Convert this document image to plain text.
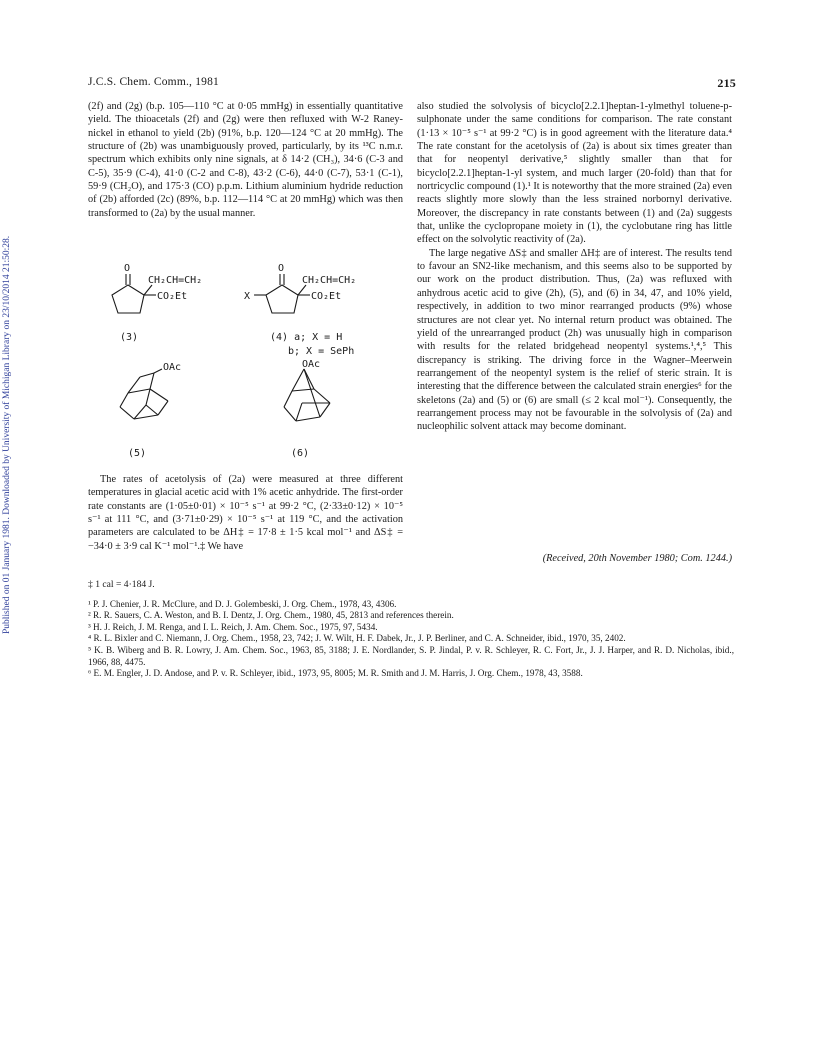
Published on 01 January 1981. Downloaded by University of Michigan Library on 23/10/2014 21:50:28.
J.C.S. Chem. Comm., 1981	215

(2f) and (2g) (b.p. 105—110 °C at 0·05 mmHg) in essentially quantitative yield. The thioacetals (2f) and (2g) were then refluxed with W-2 Raney-nickel in ethanol to yield (2b) (91%, b.p. 120—124 °C at 20 mmHg). The structure of (2b) was unambiguously proved, particularly, by its ¹³C n.m.r. spectrum which exhibits only nine signals, at δ 14·2 (CH₃), 34·6 (C-3 and C-5), 35·9 (C-4), 41·0 (C-2 and C-8), 43·2 (C-6), 44·0 (C-7), 53·1 (C-1), 59·9 (CH₂O), and 175·3 (CO) p.p.m. Lithium aluminium hydride reduction of (2b) afforded (2c) (89%, b.p. 112—114 °C at 20 mmHg) which was then transformed to (2a) by the usual manner.

O
CH₂CH=CH₂
CO₂Et
(3)
O
CH₂CH=CH₂
CO₂Et
X
(4) a; X = H
b; X = SePh
OAc
(5)
OAc
(6)

The rates of acetolysis of (2a) were measured at three different temperatures in glacial acetic acid with 1% acetic anhydride. The first-order rate constants are (1·05±0·01) × 10⁻⁵ s⁻¹ at 99·2 °C, (2·33±0·12) × 10⁻⁵ s⁻¹ at 111 °C, and (3·71±0·29) × 10⁻⁵ s⁻¹ at 119 °C, and the activation parameters are calculated to be ΔH‡ = 17·8 ± 1·5 kcal mol⁻¹ and ΔS‡ = −34·0 ± 3·9 cal K⁻¹ mol⁻¹.‡ We have

also studied the solvolysis of bicyclo[2.2.1]heptan-1-ylmethyl toluene-p-sulphonate under the same conditions for comparison. The rate constant (1·13 × 10⁻⁵ s⁻¹ at 99·2 °C) is in good agreement with the literature data.⁴ The rate constant for the acetolysis of (2a) is about six times greater than that for neopentyl derivative,⁵ slightly smaller than that for bicyclo[2.2.1]heptan-1-yl system, and much larger (20-fold) than that for nortricyclic compound (1).¹ It is noteworthy that the more strained (2a) even reacts slightly more slowly than the less strained norbornyl derivative. Moreover, the discrepancy in rate constants between (1) and (2a) suggests that, unlike the cyclopropane moiety in (1), the cyclobutane ring has little effect on the solvolytic reactivity of (2a).

The large negative ΔS‡ and smaller ΔH‡ are of interest. The results tend to favour an SN2-like mechanism, and this seems also to be supported by our work on the product distribution. Thus, (2a) was refluxed with anhydrous acetic acid to give (2h), (5), and (6) in 34, 47, and 10% yield, respectively, in addition to two minor rearranged products (9%) whose structures are not clear yet. No internal return product was obtained. The yield of the unrearranged product (2h) was unusually high in comparison with results for the related bridgehead neopentyl systems.¹,⁴,⁵ This discrepancy is striking. The driving force in the Wagner–Meerwein rearrangement of the neopentyl system is the relief of steric strain. It is interesting that the difference between the calculated strain energies⁶ for the skeletons (2a) and (5) or (6) are small (≤ 2 kcal mol⁻¹). Consequently, the rearrangement process may not be favourable in the solvolysis of (2a) and nucleophilic solvent attack may become dominant.

(Received, 20th November 1980; Com. 1244.)
‡ 1 cal = 4·184 J.

¹ P. J. Chenier, J. R. McClure, and D. J. Golembeski, J. Org. Chem., 1978, 43, 4306.

² R. R. Sauers, C. A. Weston, and B. I. Dentz, J. Org. Chem., 1980, 45, 2813 and references therein.

³ H. J. Reich, J. M. Renga, and I. L. Reich, J. Am. Chem. Soc., 1975, 97, 5434.

⁴ R. L. Bixler and C. Niemann, J. Org. Chem., 1958, 23, 742; J. W. Wilt, H. F. Dabek, Jr., J. P. Berliner, and C. A. Schneider, ibid., 1970, 35, 2402.

⁵ K. B. Wiberg and B. R. Lowry, J. Am. Chem. Soc., 1963, 85, 3188; J. E. Nordlander, S. P. Jindal, P. v. R. Schleyer, R. C. Fort, Jr., J. J. Harper, and R. D. Nicholas, ibid., 1966, 88, 4475.

⁶ E. M. Engler, J. D. Andose, and P. v. R. Schleyer, ibid., 1973, 95, 8005; M. R. Smith and J. M. Harris, J. Org. Chem., 1978, 43, 3588.
